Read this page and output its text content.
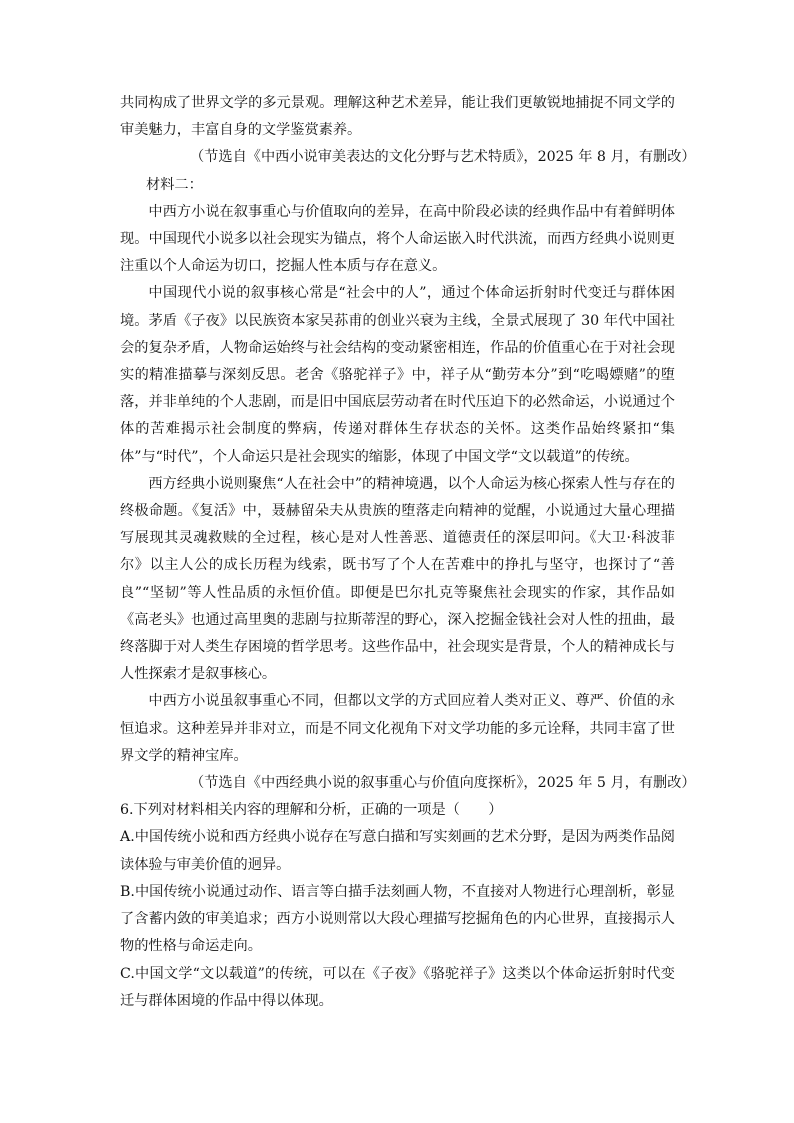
共同构成了世界文学的多元景观。理解这种艺术差异，能让我们更敏锐地捕捉不同文学的审美魅力，丰富自身的文学鉴赏素养。

（节选自《中西小说审美表达的文化分野与艺术特质》，2025 年 8 月，有删改）

材料二：

中西方小说在叙事重心与价值取向的差异，在高中阶段必读的经典作品中有着鲜明体现。中国现代小说多以社会现实为锚点，将个人命运嵌入时代洪流，而西方经典小说则更注重以个人命运为切口，挖掘人性本质与存在意义。

中国现代小说的叙事核心常是“社会中的人”，通过个体命运折射时代变迁与群体困境。茅盾《子夜》以民族资本家吴荪甫的创业兴衰为主线，全景式展现了 30 年代中国社会的复杂矛盾，人物命运始终与社会结构的变动紧密相连，作品的价值重心在于对社会现实的精准描摹与深刻反思。老舍《骆驼祥子》中，祥子从“勤劳本分”到“吃喝嫖赌”的堕落，并非单纯的个人悲剧，而是旧中国底层劳动者在时代压迫下的必然命运，小说通过个体的苦难揭示社会制度的弊病，传递对群体生存状态的关怀。这类作品始终紧扣“集体”与“时代”，个人命运只是社会现实的缩影，体现了中国文学“文以载道”的传统。

西方经典小说则聚焦“人在社会中”的精神境遇，以个人命运为核心探索人性与存在的终极命题。《复活》中，聂赫留朵夫从贵族的堕落走向精神的觉醒，小说通过大量心理描写展现其灵魂救赎的全过程，核心是对人性善恶、道德责任的深层叩问。《大卫·科波菲尔》以主人公的成长历程为线索，既书写了个人在苦难中的挣扎与坚守，也探讨了“善良”“坚韧”等人性品质的永恒价值。即便是巴尔扎克等聚焦社会现实的作家，其作品如《高老头》也通过高里奥的悲剧与拉斯蒂涅的野心，深入挖掘金钱社会对人性的扭曲，最终落脚于对人类生存困境的哲学思考。这些作品中，社会现实是背景，个人的精神成长与人性探索才是叙事核心。

中西方小说虽叙事重心不同，但都以文学的方式回应着人类对正义、尊严、价值的永恒追求。这种差异并非对立，而是不同文化视角下对文学功能的多元诠释，共同丰富了世界文学的精神宝库。

（节选自《中西经典小说的叙事重心与价值向度探析》，2025 年 5 月，有删改）

6.下列对材料相关内容的理解和分析，正确的一项是（　　）

A.中国传统小说和西方经典小说存在写意白描和写实刻画的艺术分野，是因为两类作品阅读体验与审美价值的迥异。

B.中国传统小说通过动作、语言等白描手法刻画人物，不直接对人物进行心理剖析，彰显了含蓄内敛的审美追求；西方小说则常以大段心理描写挖掘角色的内心世界，直接揭示人物的性格与命运走向。

C.中国文学“文以载道”的传统，可以在《子夜》《骆驼祥子》这类以个体命运折射时代变迁与群体困境的作品中得以体现。
